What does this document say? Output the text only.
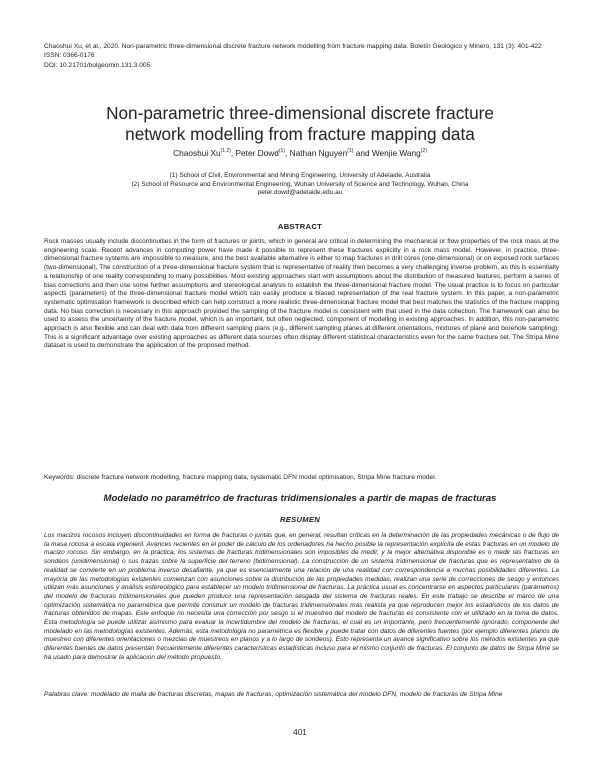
Chaoshui Xu, et al., 2020. Non-parametric three-dimensional discrete fracture network modelling from fracture mapping data. Boletín Geológico y Minero, 131 (3): 401-422

ISSN: 0366-0176

DOI: 10.21701/bolgeomin.131.3.005

Non-parametric three-dimensional discrete fracture
network modelling from fracture mapping data
Chaoshui Xu$^{(1,2)}$, Peter Dowd$^{(1)}$, Nathan Nguyen$^{(1)}$ and Wenjie Wang$^{(2)}$

(1) School of Civil, Environmental and Mining Engineering, University of Adelaide, Australia

(2) School of Resource and Environmental Engineering, Wuhan University of Science and Technology, Wuhan, China

peter.dowd@adelaide.edu.au

ABSTRACT

Rock masses usually include discontinuities in the form of fractures or joints, which in general are critical in determining the mechanical or flow properties of the rock mass at the engineering scale. Recent advances in computing power have made it possible to represent these fractures explicitly in a rock mass model. However, in practice, three-dimensional fracture systems are impossible to measure, and the best available alternative is either to map fractures in drill cores (one-dimensional) or on exposed rock surfaces (two-dimensional). The construction of a three-dimensional fracture system that is representative of reality then becomes a very challenging inverse problem, as this is essentially a relationship of one reality corresponding to many possibilities. Most existing approaches start with assumptions about the distribution of measured features, perform a series of bias corrections and then use some further assumptions and stereological analysis to establish the three-dimensional fracture model. The usual practice is to focus on particular aspects (parameters) of the three-dimensional fracture model which can easily produce a biased representation of the real fracture system. In this paper, a non-parametric systematic optimisation framework is described which can help construct a more realistic three-dimensional fracture model that best matches the statistics of the fracture mapping data. No bias correction is necessary in this approach provided the sampling of the fracture model is consistent with that used in the data collection. The framework can also be used to assess the uncertainty of the fracture model, which is an important, but often neglected, component of modelling in existing approaches. In addition, this non-parametric approach is also flexible and can deal with data from different sampling plans (e.g., different sampling planes at different orientations, mixtures of plane and borehole sampling). This is a significant advantage over existing approaches as different data sources often display different statistical characteristics even for the same fracture set. The Stripa Mine dataset is used to demonstrate the application of the proposed method.

Keywords: discrete fracture network modelling, fracture mapping data, systematic DFN model optimisation, Stripa Mine fracture model.

Modelado no paramétrico de fracturas tridimensionales a partir de mapas de fracturas
RESUMEN

Los macizos rocosos incluyen discontinuidades en forma de fracturas o juntas que, en general, resultan críticas en la determinación de las propiedades mecánicas o de flujo de la masa rocosa a escala ingenieril. Avances recientes en el poder de cálculo de los ordenadores ha hecho posible la representación explícita de estas fracturas en un modelo de macizo rocoso. Sin embargo, en la práctica, los sistemas de fracturas tridimensionales son imposibles de medir, y la mejor alternativa disponible es o medir las fracturas en sondeos (unidimensional) o sus trazas sobre la superficie del terreno (bidimensional). La construcción de un sistema tridimensional de fracturas que es representativo de la realidad se convierte en un problema inverso desafiante, ya que es esencialmente una relación de una realidad con correspondencia a muchas posibilidades diferentes. La mayoría de las metodologías existentes comienzan con asunciones sobre la distribución de las propiedades medidas, realizan una serie de correcciones de sesgo y entonces utilizan más asunciones y análisis estereológico para establecer un modelo tridimensional de fracturas. La práctica usual es concentrarse en aspectos particulares (parámetros) del modelo de fracturas tridimensionales que pueden producir una representación sesgada del sistema de fracturas reales. En este trabajo se describe el marco de una optimización sistemática no paramétrica que permite construir un modelo de fracturas tridimensionales más realista ya que reproducen mejor los estadísticos de los datos de fracturas obtenidos de mapas. Este enfoque no necesita una corrección por sesgo si el muestreo del modelo de fracturas es consistente con el utilizado en la toma de datos. Esta metodología se puede utilizar asimismo para evaluar la incertidumbre del modelo de fracturas, el cual es un importante, pero frecuentemente ignorado, componente del modelado en las metodologías existentes. Además, esta metodología no paramétrica es flexible y puede tratar con datos de diferentes fuentes (por ejemplo diferentes planos de muestreo con diferentes orientaciones o mezclas de muestreos en planos y a lo largo de sondeos). Esto representa un avance significativo sobre los métodos existentes ya que diferentes fuentes de datos presentan frecuentemente diferentes características estadísticas incluso para el mismo conjunto de fracturas. El conjunto de datos de Stripa Mine se ha usado para demostrar la aplicación del método propuesto.

Palabras clave: modelado de malla de fracturas discretas, mapas de fracturas, optimización sistemática del modelo DFN, modelo de fracturas de Stripa Mine

401
